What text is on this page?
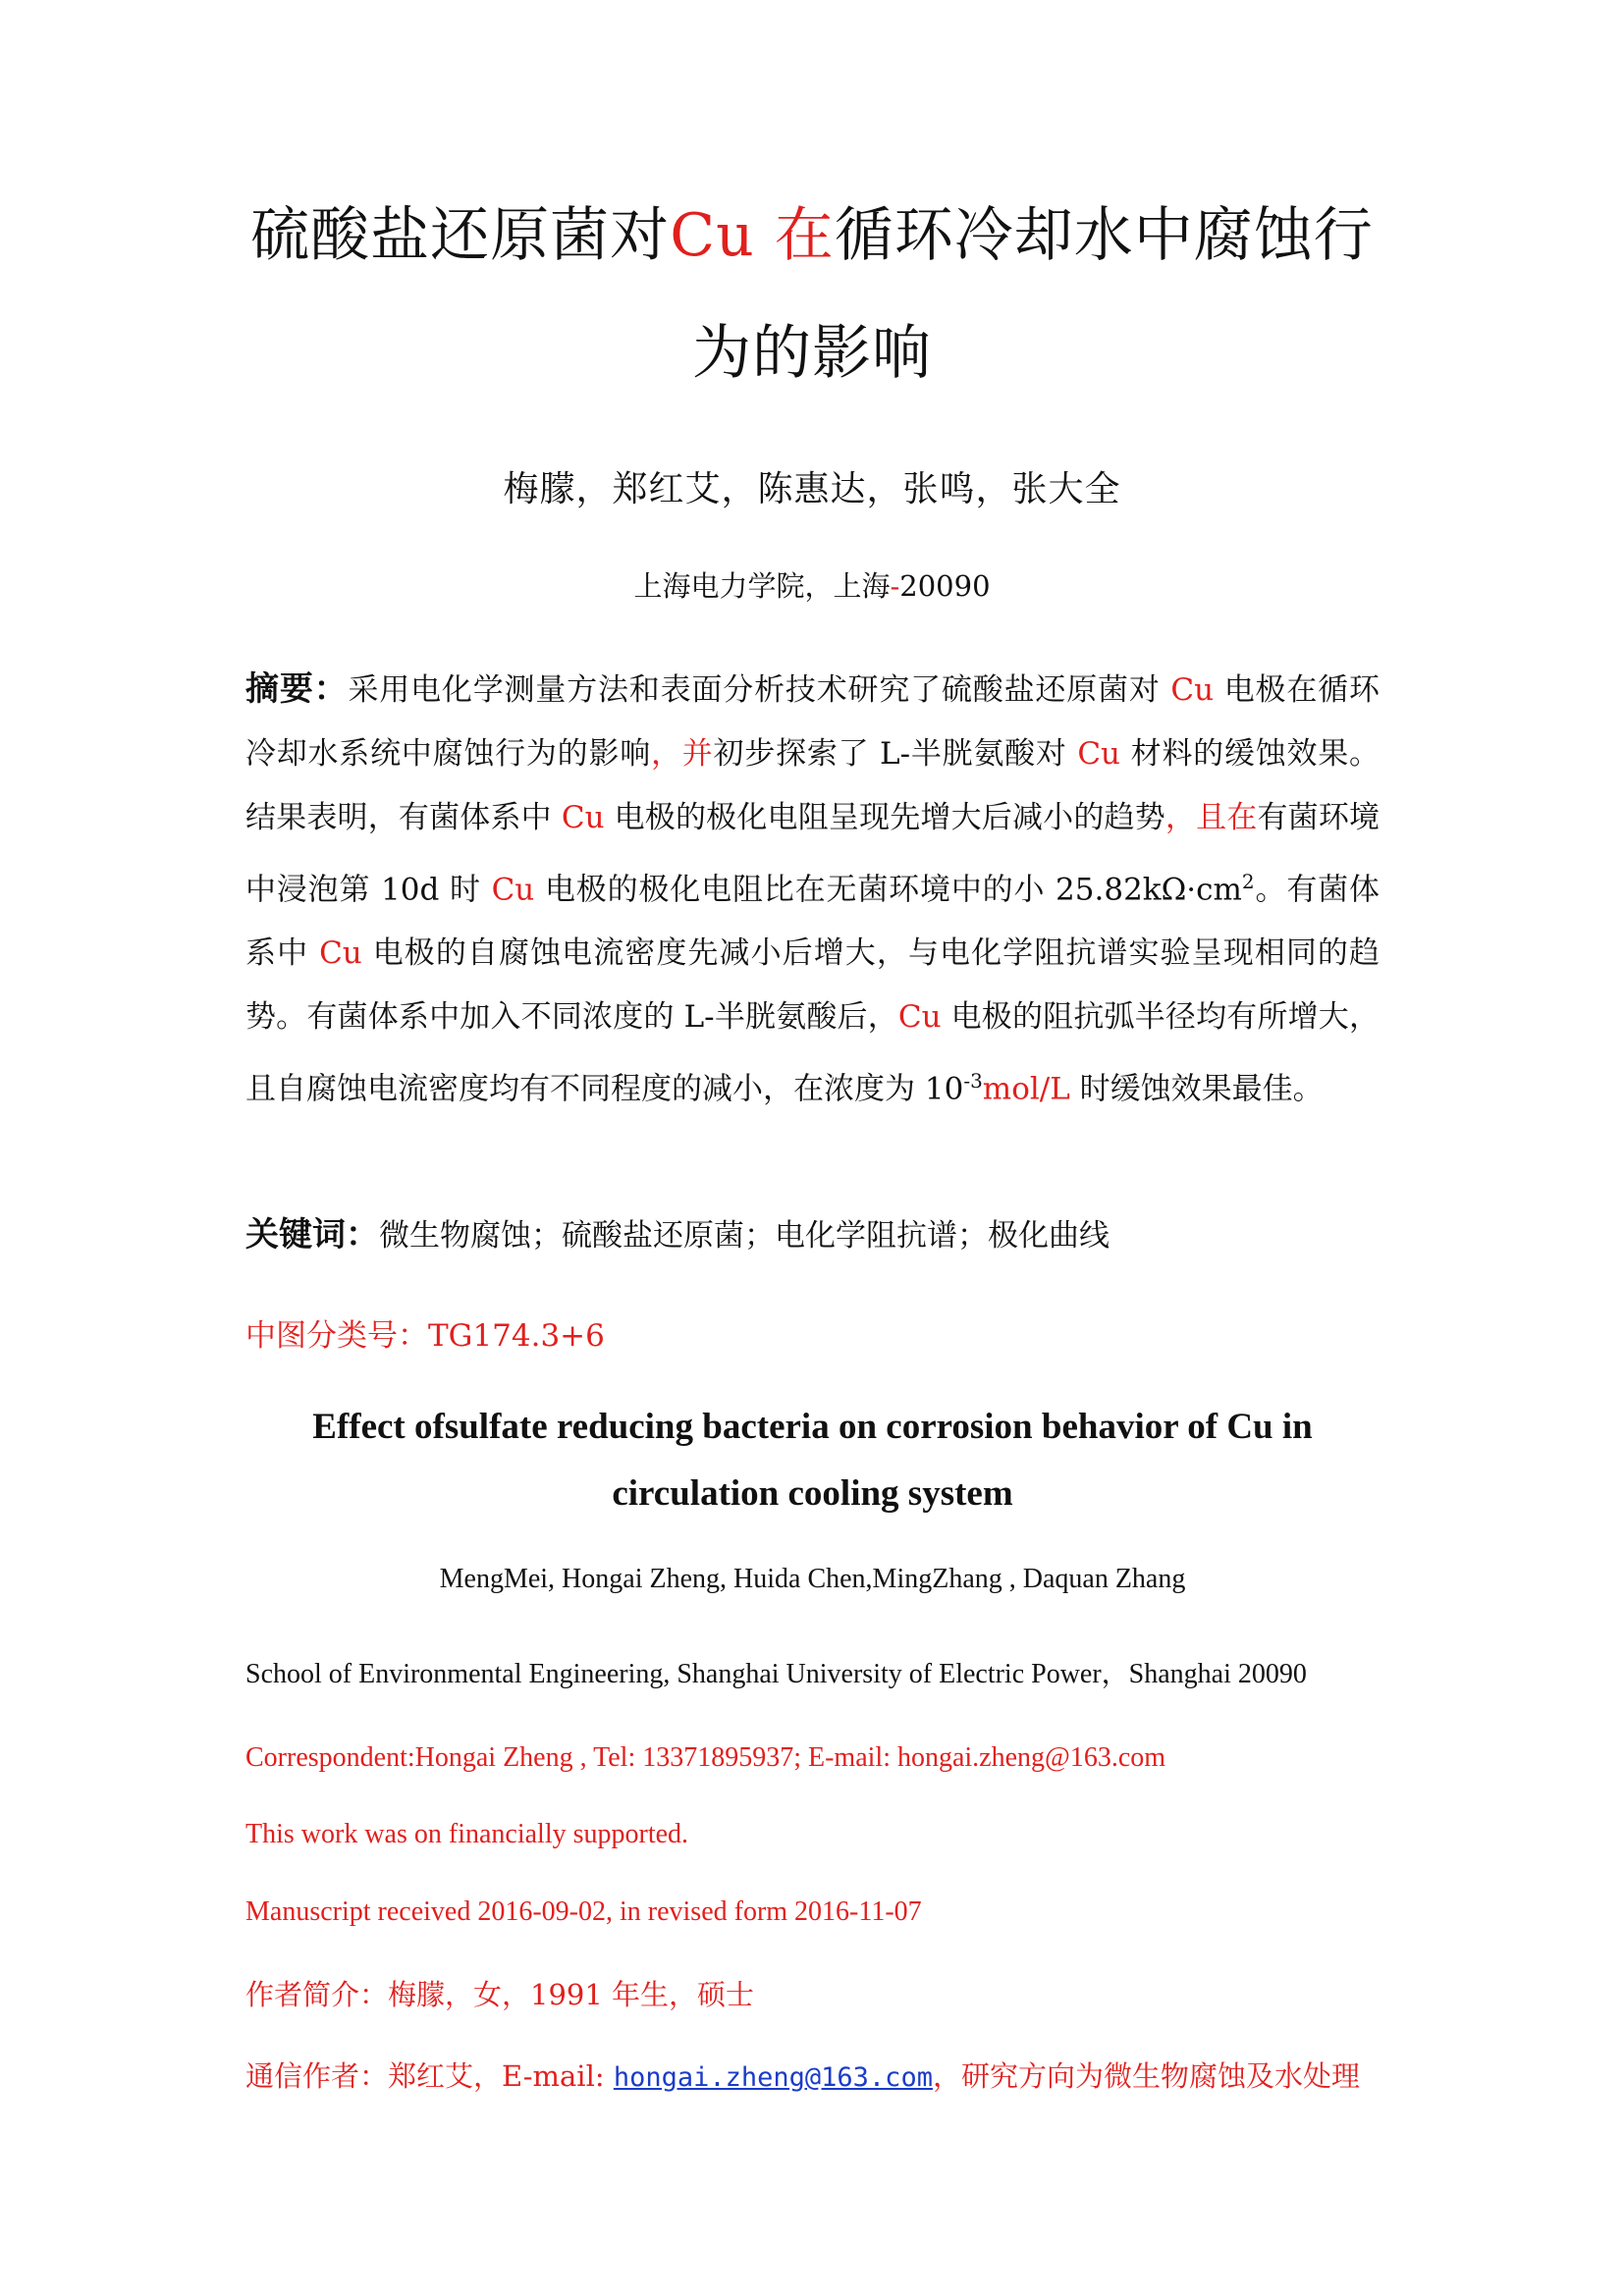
硫酸盐还原菌对Cu 在循环冷却水中腐蚀行
为的影响
梅朦，郑红艾，陈惠达，张鸣，张大全
上海电力学院，上海-20090

摘要：采用电化学测量方法和表面分析技术研究了硫酸盐还原菌对 Cu 电极在循环冷却水系统中腐蚀行为的影响，并初步探索了 L-半胱氨酸对 Cu 材料的缓蚀效果。结果表明，有菌体系中 Cu 电极的极化电阻呈现先增大后减小的趋势，且在有菌环境中浸泡第 10d 时 Cu 电极的极化电阻比在无菌环境中的小 $25.82k\Omega\cdot cm^2$。有菌体系中 Cu 电极的自腐蚀电流密度先减小后增大，与电化学阻抗谱实验呈现相同的趋势。有菌体系中加入不同浓度的 L-半胱氨酸后，Cu 电极的阻抗弧半径均有所增大，且自腐蚀电流密度均有不同程度的减小，在浓度为 $10^{-3}mol/L$ 时缓蚀效果最佳。

关键词：微生物腐蚀；硫酸盐还原菌；电化学阻抗谱；极化曲线
中图分类号：TG174.3+6
Effect ofsulfate reducing bacteria on corrosion behavior of Cu in
circulation cooling system
MengMei, Hongai Zheng, Huida Chen,MingZhang , Daquan Zhang
School of Environmental Engineering, Shanghai University of Electric Power，Shanghai 20090
Correspondent:Hongai Zheng , Tel: 13371895937; E-mail: hongai.zheng@163.com
This work was on financially supported.
Manuscript received 2016-09-02, in revised form 2016-11-07
作者简介：梅朦，女，1991 年生，硕士
通信作者：郑红艾，E-mail: hongai.zheng@163.com，研究方向为微生物腐蚀及水处理
